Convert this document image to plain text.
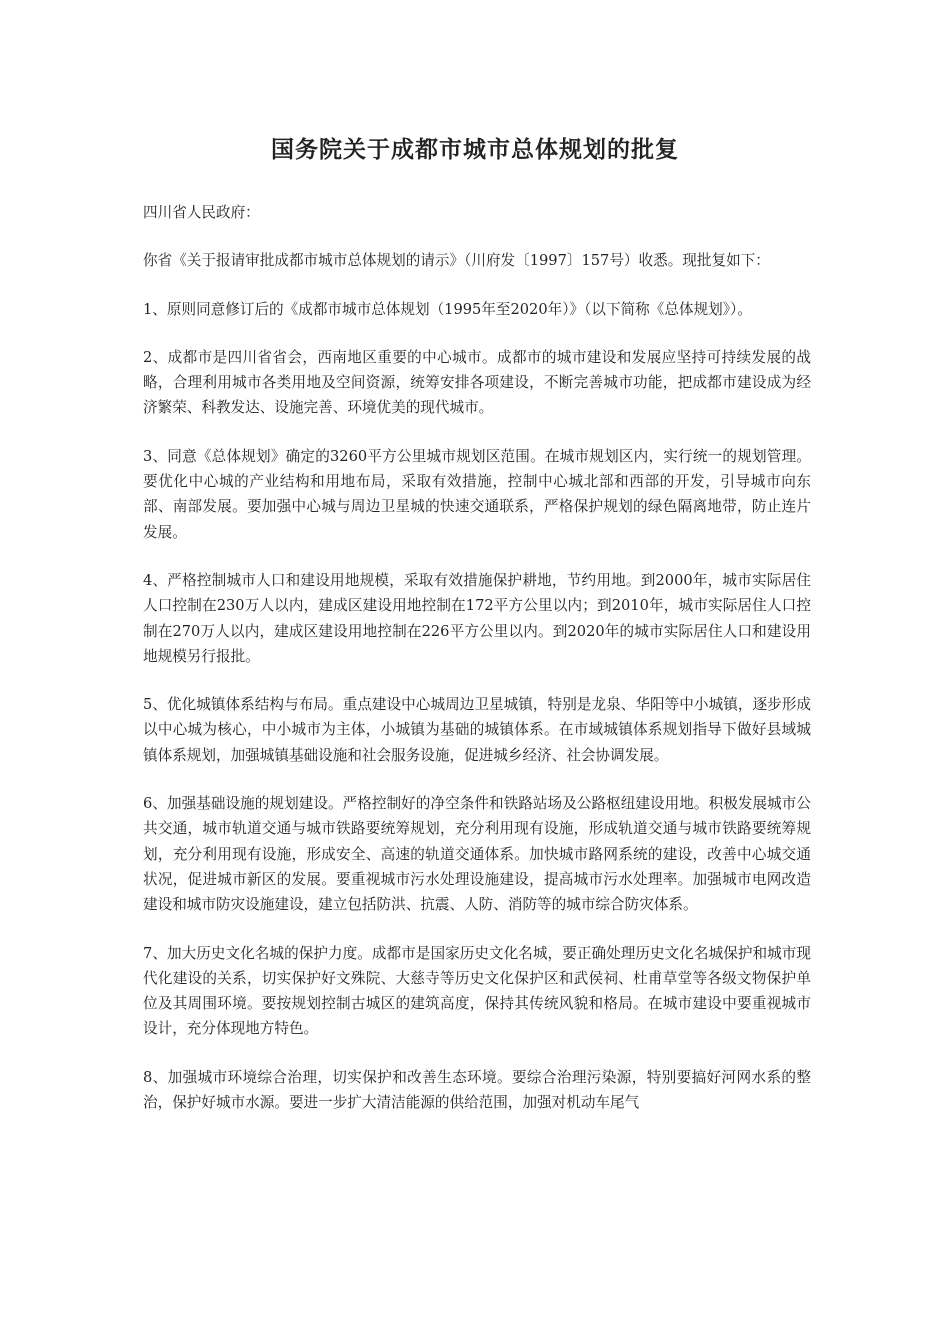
国务院关于成都市城市总体规划的批复

四川省人民政府：

你省《关于报请审批成都市城市总体规划的请示》（川府发〔1997〕157号）收悉。现批复如下：

1、原则同意修订后的《成都市城市总体规划（1995年至2020年）》（以下简称《总体规划》）。

2、成都市是四川省省会，西南地区重要的中心城市。成都市的城市建设和发展应坚持可持续发展的战略，合理利用城市各类用地及空间资源，统筹安排各项建设，不断完善城市功能，把成都市建设成为经济繁荣、科教发达、设施完善、环境优美的现代城市。

3、同意《总体规划》确定的3260平方公里城市规划区范围。在城市规划区内，实行统一的规划管理。要优化中心城的产业结构和用地布局，采取有效措施，控制中心城北部和西部的开发，引导城市向东部、南部发展。要加强中心城与周边卫星城的快速交通联系，严格保护规划的绿色隔离地带，防止连片发展。

4、严格控制城市人口和建设用地规模，采取有效措施保护耕地，节约用地。到2000年，城市实际居住人口控制在230万人以内，建成区建设用地控制在172平方公里以内；到2010年，城市实际居住人口控制在270万人以内，建成区建设用地控制在226平方公里以内。到2020年的城市实际居住人口和建设用地规模另行报批。

5、优化城镇体系结构与布局。重点建设中心城周边卫星城镇，特别是龙泉、华阳等中小城镇，逐步形成以中心城为核心，中小城市为主体，小城镇为基础的城镇体系。在市域城镇体系规划指导下做好县域城镇体系规划，加强城镇基础设施和社会服务设施，促进城乡经济、社会协调发展。

6、加强基础设施的规划建设。严格控制好的净空条件和铁路站场及公路枢纽建设用地。积极发展城市公共交通，城市轨道交通与城市铁路要统筹规划，充分利用现有设施，形成轨道交通与城市铁路要统筹规划，充分利用现有设施，形成安全、高速的轨道交通体系。加快城市路网系统的建设，改善中心城交通状况，促进城市新区的发展。要重视城市污水处理设施建设，提高城市污水处理率。加强城市电网改造建设和城市防灾设施建设，建立包括防洪、抗震、人防、消防等的城市综合防灾体系。

7、加大历史文化名城的保护力度。成都市是国家历史文化名城，要正确处理历史文化名城保护和城市现代化建设的关系，切实保护好文殊院、大慈寺等历史文化保护区和武侯祠、杜甫草堂等各级文物保护单位及其周围环境。要按规划控制古城区的建筑高度，保持其传统风貌和格局。在城市建设中要重视城市设计，充分体现地方特色。

8、加强城市环境综合治理，切实保护和改善生态环境。要综合治理污染源，特别要搞好河网水系的整治，保护好城市水源。要进一步扩大清洁能源的供给范围，加强对机动车尾气
